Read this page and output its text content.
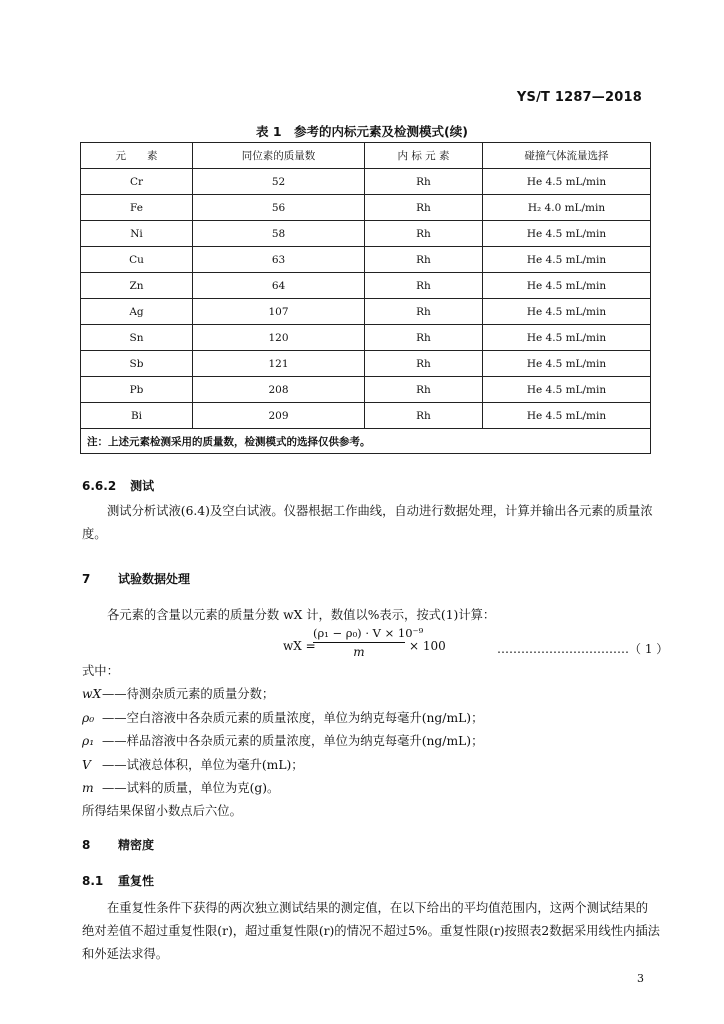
YS/T 1287—2018
表 1　参考的内标元素及检测模式(续)
元　　素	同位素的质量数	内 标 元 素	碰撞气体流量选择
Cr	52	Rh	He 4.5 mL/min
Fe	56	Rh	H₂ 4.0 mL/min
Ni	58	Rh	He 4.5 mL/min
Cu	63	Rh	He 4.5 mL/min
Zn	64	Rh	He 4.5 mL/min
Ag	107	Rh	He 4.5 mL/min
Sn	120	Rh	He 4.5 mL/min
Sb	121	Rh	He 4.5 mL/min
Pb	208	Rh	He 4.5 mL/min
Bi	209	Rh	He 4.5 mL/min
注：上述元素检测采用的质量数，检测模式的选择仅供参考。			
6.6.2 测试
测试分析试液(6.4)及空白试液。仪器根据工作曲线，自动进行数据处理，计算并输出各元素的质量浓度。
7 试验数据处理
各元素的含量以元素的质量分数 wX 计，数值以%表示，按式(1)计算：
wX =
$\frac{\text{(ρ₁ − ρ₀) · V × 10⁻⁹}}{m} \times 100$	……………………………（ 1 ）
式中：
wX——待测杂质元素的质量分数；
ρ₀ ——空白溶液中各杂质元素的质量浓度，单位为纳克每毫升(ng/mL)；
ρ₁ ——样品溶液中各杂质元素的质量浓度，单位为纳克每毫升(ng/mL)；
V ——试液总体积，单位为毫升(mL)；
m ——试料的质量，单位为克(g)。
所得结果保留小数点后六位。
8 精密度
8.1 重复性
在重复性条件下获得的两次独立测试结果的测定值，在以下给出的平均值范围内，这两个测试结果的绝对差值不超过重复性限(r)，超过重复性限(r)的情况不超过5%。重复性限(r)按照表2数据采用线性内插法和外延法求得。
3
